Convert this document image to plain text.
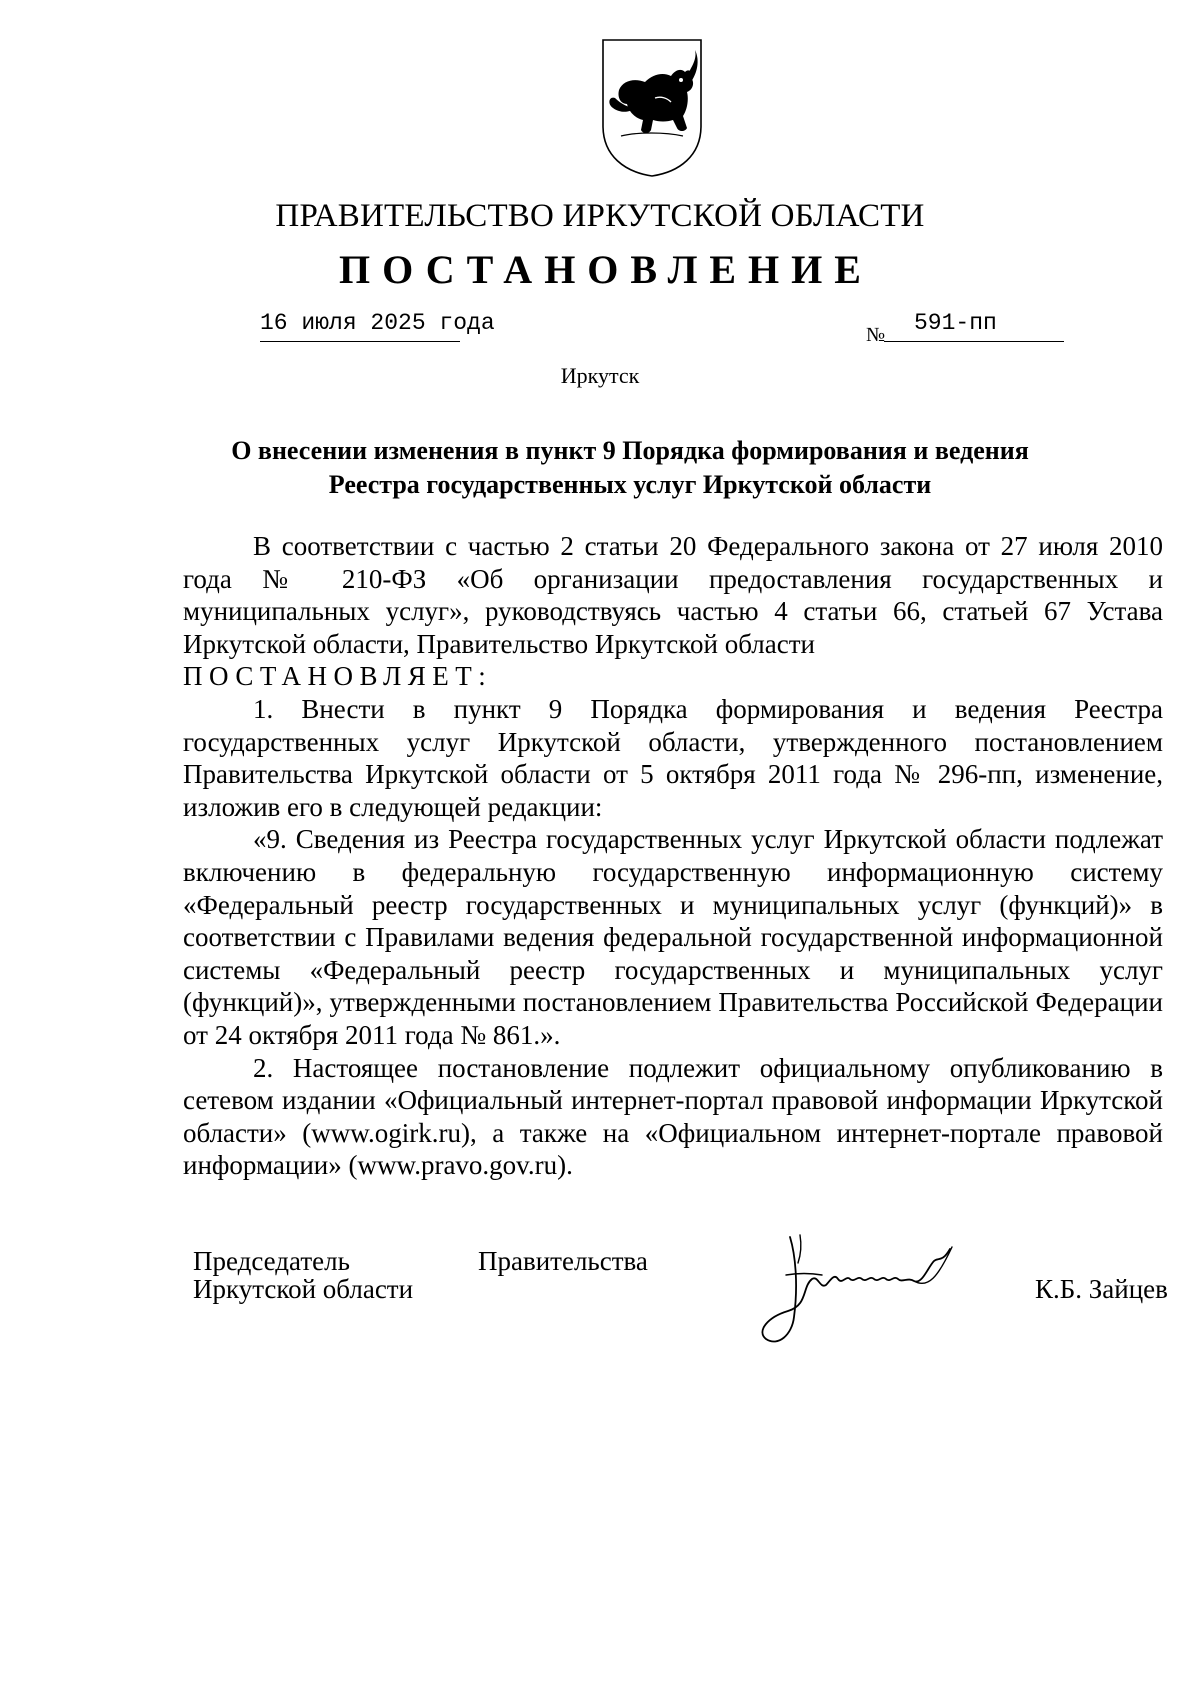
ПРАВИТЕЛЬСТВО ИРКУТСКОЙ ОБЛАСТИ
ПОСТАНОВЛЕНИЕ
16 июля 2025 года	№	591-пп
Иркутск
О внесении изменения в пункт 9 Порядка формирования и ведения
Реестра государственных услуг Иркутской области

В соответствии с частью 2 статьи 20 Федерального закона от 27 июля 2010 года № 210-ФЗ «Об организации предоставления государственных и муниципальных услуг», руководствуясь частью 4 статьи 66, статьей 67 Устава Иркутской области, Правительство Иркутской области

ПОСТАНОВЛЯЕТ:

1. Внести в пункт 9 Порядка формирования и ведения Реестра государственных услуг Иркутской области, утвержденного постановлением Правительства Иркутской области от 5 октября 2011 года № 296-пп, изменение, изложив его в следующей редакции:

«9. Сведения из Реестра государственных услуг Иркутской области подлежат включению в федеральную государственную информационную систему «Федеральный реестр государственных и муниципальных услуг (функций)» в соответствии с Правилами ведения федеральной государственной информационной системы «Федеральный реестр государственных и муниципальных услуг (функций)», утвержденными постановлением Правительства Российской Федерации от 24 октября 2011 года № 861.».

2. Настоящее постановление подлежит официальному опубликованию в сетевом издании «Официальный интернет-портал правовой информации Иркутской области» (www.ogirk.ru), а также на «Официальном интернет-портале правовой информации» (www.pravo.gov.ru).

Председатель
Иркутской области
Правительства
К.Б. Зайцев
